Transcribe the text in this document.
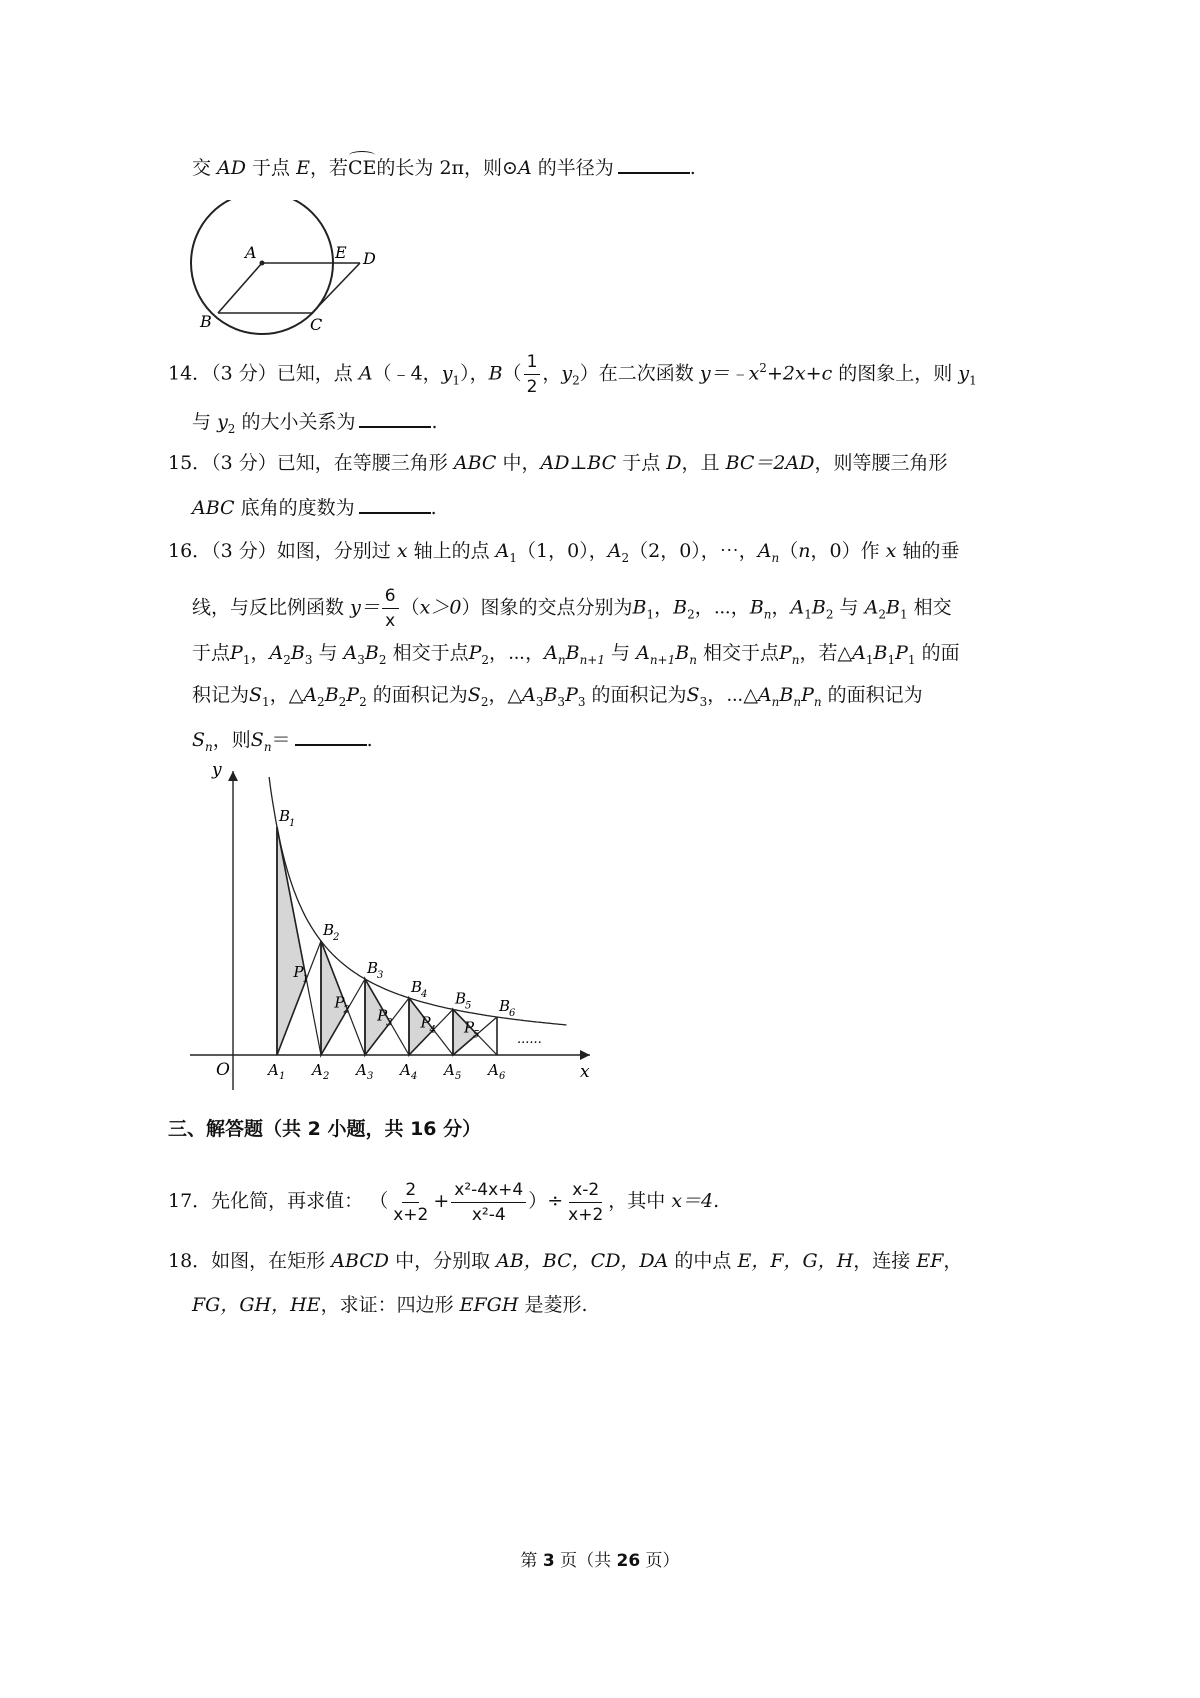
交 AD 于点 E，若CE的长为 2π，则⊙A 的半径为	.
A
B	C
D
E
14．（3 分）已知，点 A（﹣4，$y_1$），$B( \frac{1}{2}$ ，$y_2$）在二次函数 $y=﹣x^2+2x+c$ 的图象上，则 $y_1$
与 $y_2$ 的大小关系为	.
15．（3 分）已知，在等腰三角形 ABC 中，AD⊥BC 于点 D，且 BC＝2AD，则等腰三角形
ABC 底角的度数为	.
16．（3 分）如图，分别过 x 轴上的点 $A_1(1$，0），$A_2(2$，0），⋯，$A_n(n$，0）作 x 轴的垂
线，与反比例函数 $y= \frac{6}{x} (x>0)$图象的交点分别为$B_1$，$B_2$，⋯，$B_n$，$A_1B_2$ 与 $A_2B_1$ 相交
于点$P_1$，$A_2B_3$ 与 $A_3B_2$ 相交于点$P_2$，⋯，$A_nB_{n+1}$ 与 $A_{n+1}B_n$ 相交于点$P_n$，若$\triangle A_1B_1P_1$ 的面
积记为$S_1$，$\triangle A_2B_2P_2$ 的面积记为$S_2$，$\triangle A_3B_3P_3$ 的面积记为$S_3$，$\cdots\triangle A_nB_nP_n$ 的面积记为
$S_n$，则$S_n=$	.
y
x
O
P
1
P
2 P
3 P
4 P
5
A 1
B
1
A 2
B
2
A 3
B
3
A 4
B
4
A 5
B
5
A 6
B
6
......
三、解答题（共 2 小题，共 16 分）
17．先化简，再求值： （ $\frac{2}{x+2} + \frac{\text{x²-4x+4}}{\text{x²-4}}$ ）÷ $\frac{x-2}{x+2}$ ，其中 x＝4.
18．如图，在矩形 ABCD 中，分别取 AB，BC，CD，DA 的中点 E，F，G，H，连接 EF，
FG，GH，HE，求证：四边形 EFGH 是菱形.
第 3 页（共 26 页）
